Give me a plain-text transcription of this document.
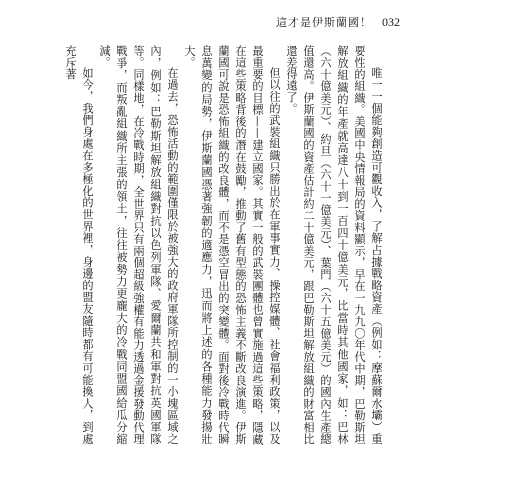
這才是伊斯蘭國！ 032

唯一一個能夠創造可觀收入，了解占據戰略資產（例如：摩蘇爾水壩）重要性的組織。美國中央情報局的資料顯示，早在一九九〇年代中期，巴勒斯坦解放組織的年產就高達八十到一百四十億美元，比當時其他國家，如：巴林（六十億美元）、約旦（六十一億美元）、葉門（六十五億美元）的國內生產總值還高。伊斯蘭國的資產估計約二十億美元，跟巴勒斯坦解放組織的財富相比還差得遠了。

但以往的武裝組織只勝出於在軍事實力、操控媒體、社會福利政策，以及最重要的目標——建立國家。其實一般的武裝團體也曾實施過這些策略，隱藏在這些策略背後的潛在鼓勵，推動了舊有型態的恐怖主義不斷改良演進。伊斯蘭國可說是恐怖組織的改良體，而不是憑空冒出的突變體。面對後冷戰時代瞬息萬變的局勢，伊斯蘭國憑著強韌的適應力，迅而將上述的各種能力發揚壯大。

在過去，恐怖活動的範圍僅限於被強大的政府軍隊所控制的一小塊區域之內，例如：巴勒斯坦解放組織對抗以色列軍隊、愛爾蘭共和軍對抗英國軍隊等。同樣地，在冷戰時期，全世界只有兩個超級強權有能力透過金援發動代理戰爭，而叛亂組織所主張的領土，往往被勢力更龐大的冷戰同盟國給瓜分縮減。

如今，我們身處在多極化的世界裡，身邊的盟友隨時都有可能換人，到處充斥著
